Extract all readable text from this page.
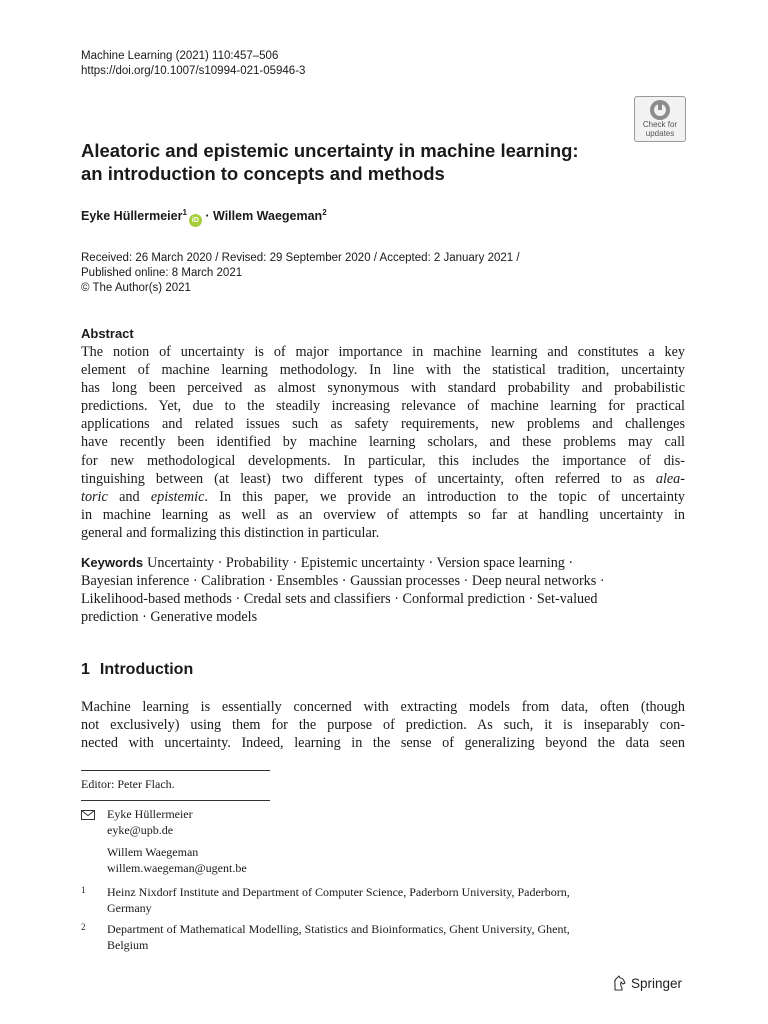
Machine Learning (2021) 110:457–506
https://doi.org/10.1007/s10994-021-05946-3
Check for
updates
Aleatoric and epistemic uncertainty in machine learning:
an introduction to concepts and methods
Eyke Hüllermeier$^1$iD · Willem Waegeman$^2$
Received: 26 March 2020 / Revised: 29 September 2020 / Accepted: 2 January 2021 /
Published online: 8 March 2021
© The Author(s) 2021
Abstract
The notion of uncertainty is of major importance in machine learning and constitutes a key
element of machine learning methodology. In line with the statistical tradition, uncertainty
has long been perceived as almost synonymous with standard probability and probabilistic
predictions. Yet, due to the steadily increasing relevance of machine learning for practical
applications and related issues such as safety requirements, new problems and challenges
have recently been identified by machine learning scholars, and these problems may call
for new methodological developments. In particular, this includes the importance of dis-
tinguishing between (at least) two different types of uncertainty, often referred to as alea-
toric and epistemic. In this paper, we provide an introduction to the topic of uncertainty
in machine learning as well as an overview of attempts so far at handling uncertainty in
general and formalizing this distinction in particular.
Keywords Uncertainty · Probability · Epistemic uncertainty · Version space learning ·
Bayesian inference · Calibration · Ensembles · Gaussian processes · Deep neural networks ·
Likelihood-based methods · Credal sets and classifiers · Conformal prediction · Set-valued
prediction · Generative models
1 Introduction
Machine learning is essentially concerned with extracting models from data, often (though
not exclusively) using them for the purpose of prediction. As such, it is inseparably con-
nected with uncertainty. Indeed, learning in the sense of generalizing beyond the data seen
Editor: Peter Flach.
Eyke Hüllermeier
eyke@upb.de
Willem Waegeman
willem.waegeman@ugent.be
1 Heinz Nixdorf Institute and Department of Computer Science, Paderborn University, Paderborn,
Germany
2 Department of Mathematical Modelling, Statistics and Bioinformatics, Ghent University, Ghent,
Belgium
Springer
